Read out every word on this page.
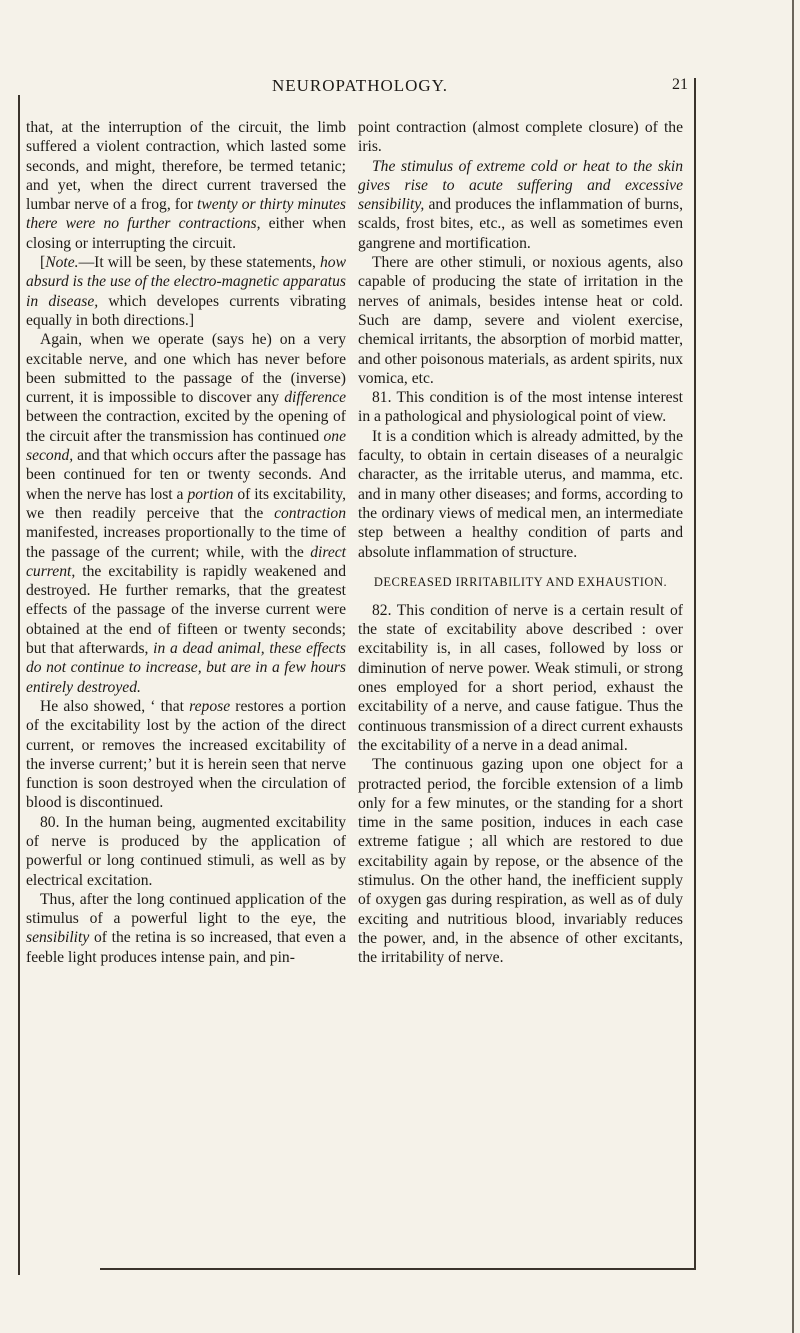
NEUROPATHOLOGY.	21

that, at the interruption of the circuit, the limb suffered a violent contraction, which lasted some seconds, and might, therefore, be termed tetanic; and yet, when the direct current traversed the lumbar nerve of a frog, for twenty or thirty minutes there were no further contractions, either when closing or interrupting the circuit.

[Note.—It will be seen, by these statements, how absurd is the use of the electro-magnetic apparatus in disease, which developes currents vibrating equally in both directions.]

Again, when we operate (says he) on a very excitable nerve, and one which has never before been submitted to the passage of the (inverse) current, it is impossible to discover any difference between the contraction, excited by the opening of the circuit after the transmission has continued one second, and that which occurs after the passage has been continued for ten or twenty seconds. And when the nerve has lost a portion of its excitability, we then readily perceive that the contraction manifested, increases proportionally to the time of the passage of the current; while, with the direct current, the excitability is rapidly weakened and destroyed. He further remarks, that the greatest effects of the passage of the inverse current were obtained at the end of fifteen or twenty seconds; but that afterwards, in a dead animal, these effects do not continue to increase, but are in a few hours entirely destroyed.

He also showed, ‘ that repose restores a portion of the excitability lost by the action of the direct current, or removes the increased excitability of the inverse current;’ but it is herein seen that nerve function is soon destroyed when the circulation of blood is discontinued.

80. In the human being, augmented excitability of nerve is produced by the application of powerful or long continued stimuli, as well as by electrical excitation.

Thus, after the long continued application of the stimulus of a powerful light to the eye, the sensibility of the retina is so increased, that even a feeble light produces intense pain, and pin-

point contraction (almost complete closure) of the iris.

The stimulus of extreme cold or heat to the skin gives rise to acute suffering and excessive sensibility, and produces the inflammation of burns, scalds, frost bites, etc., as well as sometimes even gangrene and mortification.

There are other stimuli, or noxious agents, also capable of producing the state of irritation in the nerves of animals, besides intense heat or cold. Such are damp, severe and violent exercise, chemical irritants, the absorption of morbid matter, and other poisonous materials, as ardent spirits, nux vomica, etc.

81. This condition is of the most intense interest in a pathological and physiological point of view.

It is a condition which is already admitted, by the faculty, to obtain in certain diseases of a neuralgic character, as the irritable uterus, and mamma, etc. and in many other diseases; and forms, according to the ordinary views of medical men, an intermediate step between a healthy condition of parts and absolute inflammation of structure.

DECREASED IRRITABILITY AND EXHAUSTION.

82. This condition of nerve is a certain result of the state of excitability above described : over excitability is, in all cases, followed by loss or diminution of nerve power. Weak stimuli, or strong ones employed for a short period, exhaust the excitability of a nerve, and cause fatigue. Thus the continuous transmission of a direct current exhausts the excitability of a nerve in a dead animal.

The continuous gazing upon one object for a protracted period, the forcible extension of a limb only for a few minutes, or the standing for a short time in the same position, induces in each case extreme fatigue ; all which are restored to due excitability again by repose, or the absence of the stimulus. On the other hand, the inefficient supply of oxygen gas during respiration, as well as of duly exciting and nutritious blood, invariably reduces the power, and, in the absence of other excitants, the irritability of nerve.
